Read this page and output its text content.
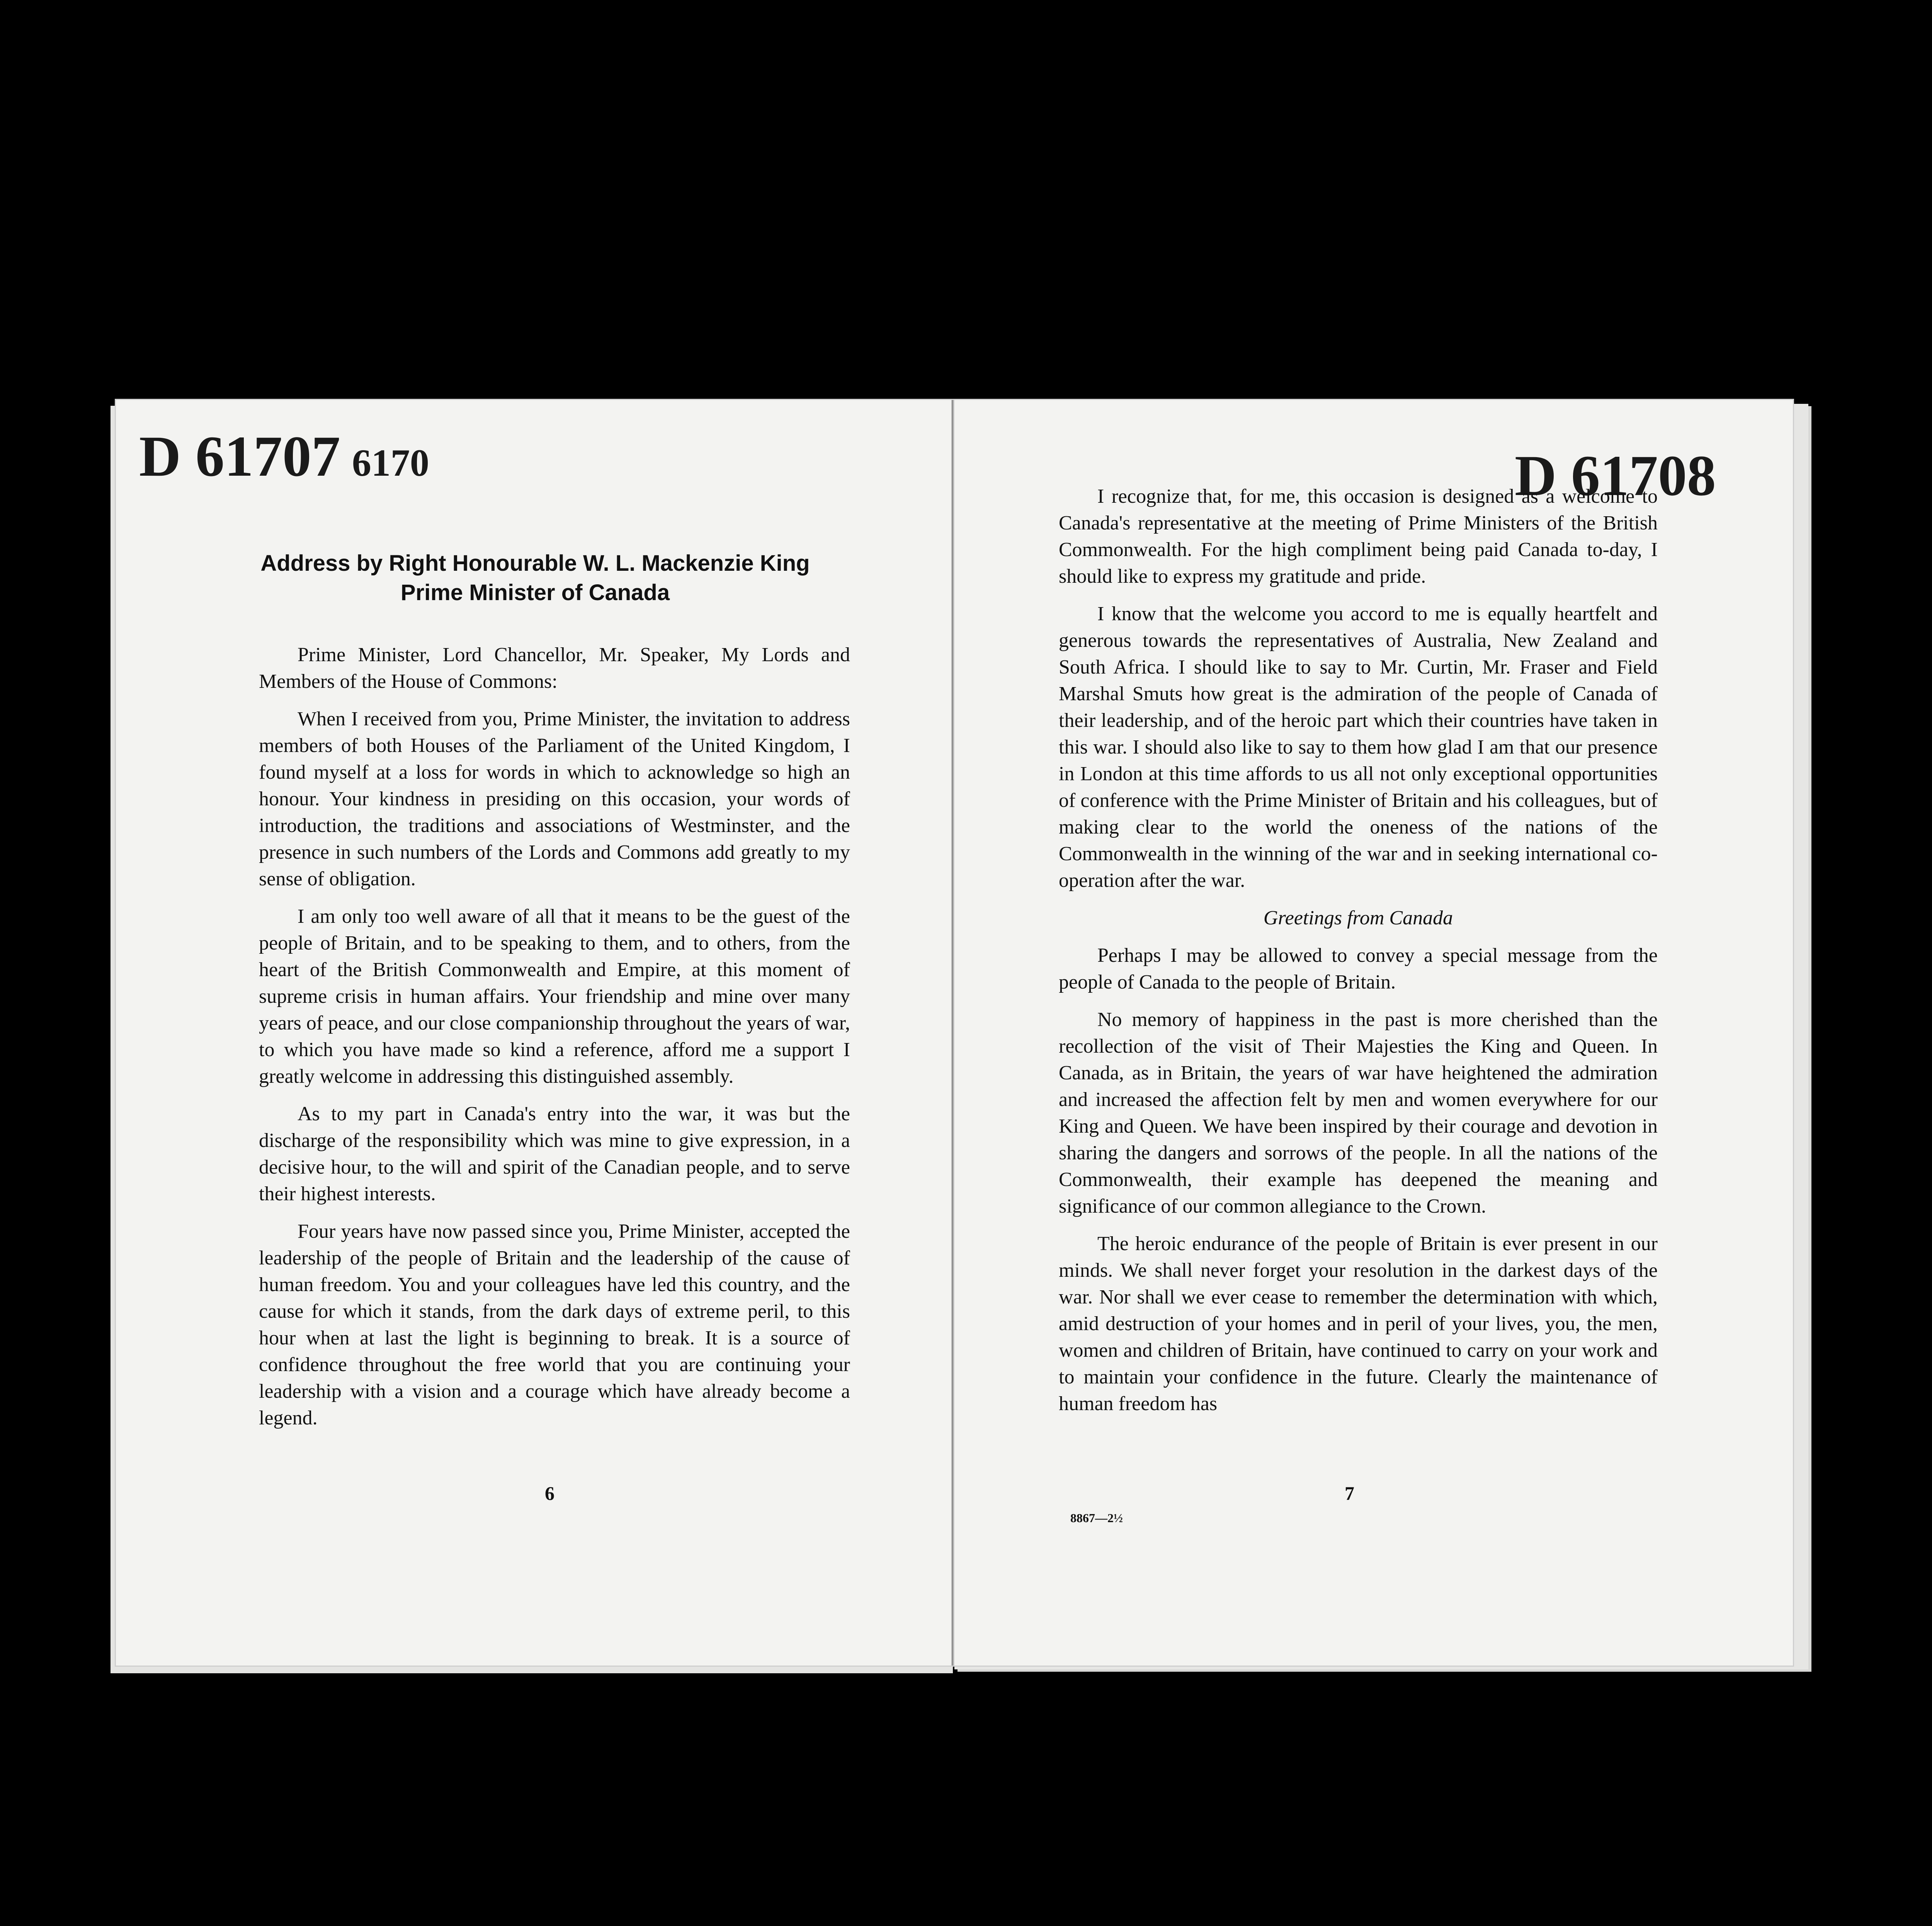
D 61707 6170
Address by Right Honourable W. L. Mackenzie King
Prime Minister of Canada

Prime Minister, Lord Chancellor, Mr. Speaker, My Lords and Members of the House of Commons:

When I received from you, Prime Minister, the invitation to address members of both Houses of the Parliament of the United Kingdom, I found myself at a loss for words in which to acknowledge so high an honour. Your kindness in presiding on this occasion, your words of introduction, the traditions and associations of Westminster, and the presence in such numbers of the Lords and Commons add greatly to my sense of obligation.

I am only too well aware of all that it means to be the guest of the people of Britain, and to be speaking to them, and to others, from the heart of the British Commonwealth and Empire, at this moment of supreme crisis in human affairs. Your friendship and mine over many years of peace, and our close companionship throughout the years of war, to which you have made so kind a reference, afford me a support I greatly welcome in addressing this distinguished assembly.

As to my part in Canada's entry into the war, it was but the discharge of the responsibility which was mine to give expression, in a decisive hour, to the will and spirit of the Canadian people, and to serve their highest interests.

Four years have now passed since you, Prime Minister, accepted the leadership of the people of Britain and the leadership of the cause of human freedom. You and your colleagues have led this country, and the cause for which it stands, from the dark days of extreme peril, to this hour when at last the light is beginning to break. It is a source of confidence throughout the free world that you are continuing your leadership with a vision and a courage which have already become a legend.

6
D 61708

I recognize that, for me, this occasion is designed as a welcome to Canada's representative at the meeting of Prime Ministers of the British Commonwealth. For the high compliment being paid Canada to-day, I should like to express my gratitude and pride.

I know that the welcome you accord to me is equally heartfelt and generous towards the representatives of Australia, New Zealand and South Africa. I should like to say to Mr. Curtin, Mr. Fraser and Field Marshal Smuts how great is the admiration of the people of Canada of their leadership, and of the heroic part which their countries have taken in this war. I should also like to say to them how glad I am that our presence in London at this time affords to us all not only exceptional opportunities of conference with the Prime Minister of Britain and his colleagues, but of making clear to the world the oneness of the nations of the Commonwealth in the winning of the war and in seeking international co-operation after the war.

Greetings from Canada

Perhaps I may be allowed to convey a special message from the people of Canada to the people of Britain.

No memory of happiness in the past is more cherished than the recollection of the visit of Their Majesties the King and Queen. In Canada, as in Britain, the years of war have heightened the admiration and increased the affection felt by men and women everywhere for our King and Queen. We have been inspired by their courage and devotion in sharing the dangers and sorrows of the people. In all the nations of the Commonwealth, their example has deepened the meaning and significance of our common allegiance to the Crown.

The heroic endurance of the people of Britain is ever present in our minds. We shall never forget your resolution in the darkest days of the war. Nor shall we ever cease to remember the determination with which, amid destruction of your homes and in peril of your lives, you, the men, women and children of Britain, have continued to carry on your work and to maintain your confidence in the future. Clearly the maintenance of human freedom has

8867—2½
7
